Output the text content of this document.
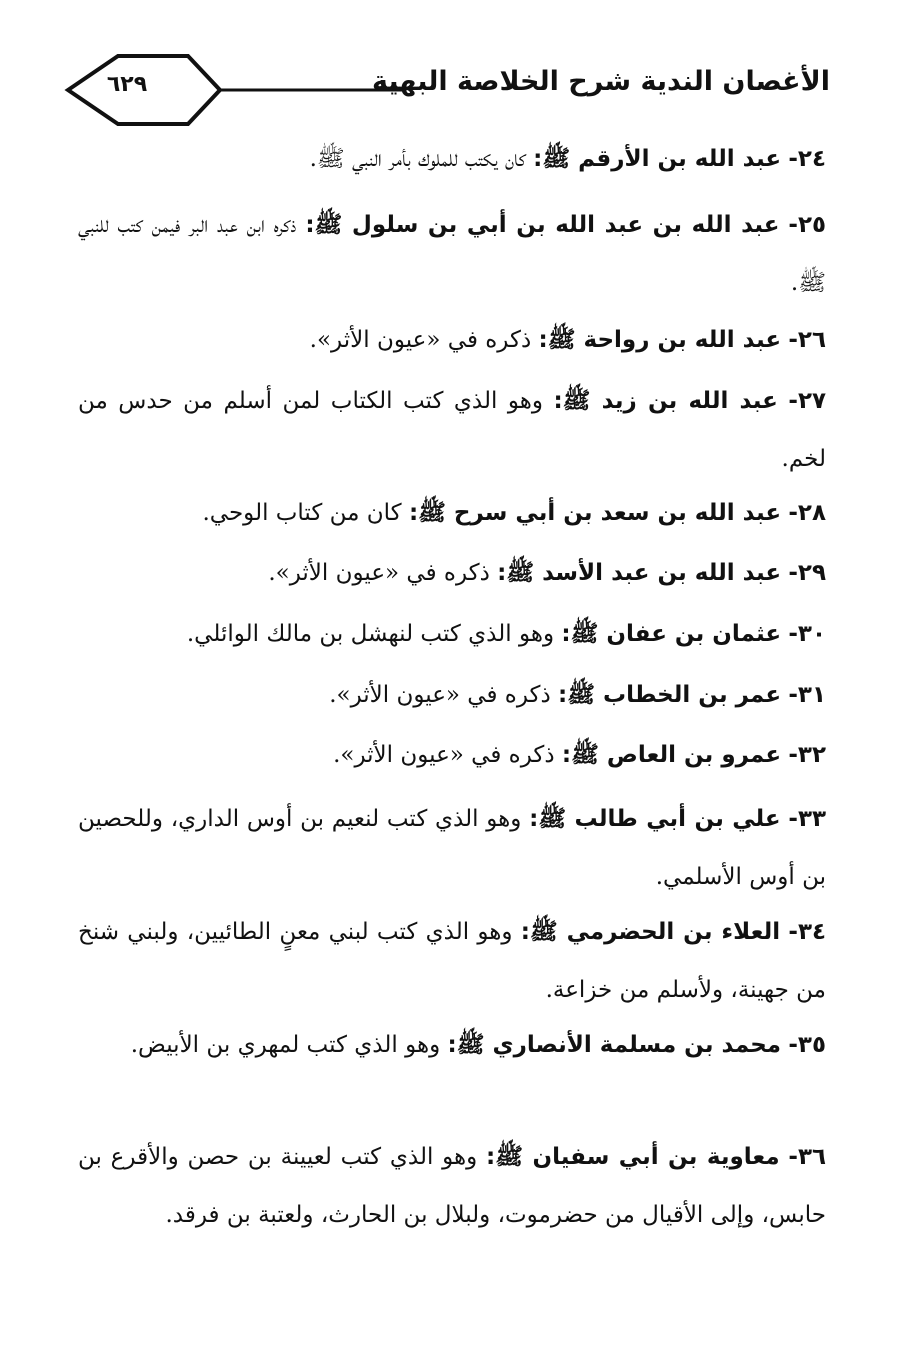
٦٢٩	الأغصان الندية شرح الخلاصة البهية

٢٤- عبد الله بن الأرقم ﷺ: كان يكتب للملوك بأمر النبي ﷺ.

٢٥- عبد الله بن عبد الله بن أبي بن سلول ﷺ: ذكره ابن عبد البر فيمن كتب للنبي ﷺ.

٢٦- عبد الله بن رواحة ﷺ: ذكره في «عيون الأثر».

٢٧- عبد الله بن زيد ﷺ: وهو الذي كتب الكتاب لمن أسلم من حدس من لخم.

٢٨- عبد الله بن سعد بن أبي سرح ﷺ: كان من كتاب الوحي.

٢٩- عبد الله بن عبد الأسد ﷺ: ذكره في «عيون الأثر».

٣٠- عثمان بن عفان ﷺ: وهو الذي كتب لنهشل بن مالك الوائلي.

٣١- عمر بن الخطاب ﷺ: ذكره في «عيون الأثر».

٣٢- عمرو بن العاص ﷺ: ذكره في «عيون الأثر».

٣٣- علي بن أبي طالب ﷺ: وهو الذي كتب لنعيم بن أوس الداري، وللحصين بن أوس الأسلمي.

٣٤- العلاء بن الحضرمي ﷺ: وهو الذي كتب لبني معنٍ الطائيين، ولبني شنخ من جهينة، ولأسلم من خزاعة.

٣٥- محمد بن مسلمة الأنصاري ﷺ: وهو الذي كتب لمهري بن الأبيض.

٣٦- معاوية بن أبي سفيان ﷺ: وهو الذي كتب لعيينة بن حصن والأقرع بن حابس، وإلى الأقيال من حضرموت، ولبلال بن الحارث، ولعتبة بن فرقد.
